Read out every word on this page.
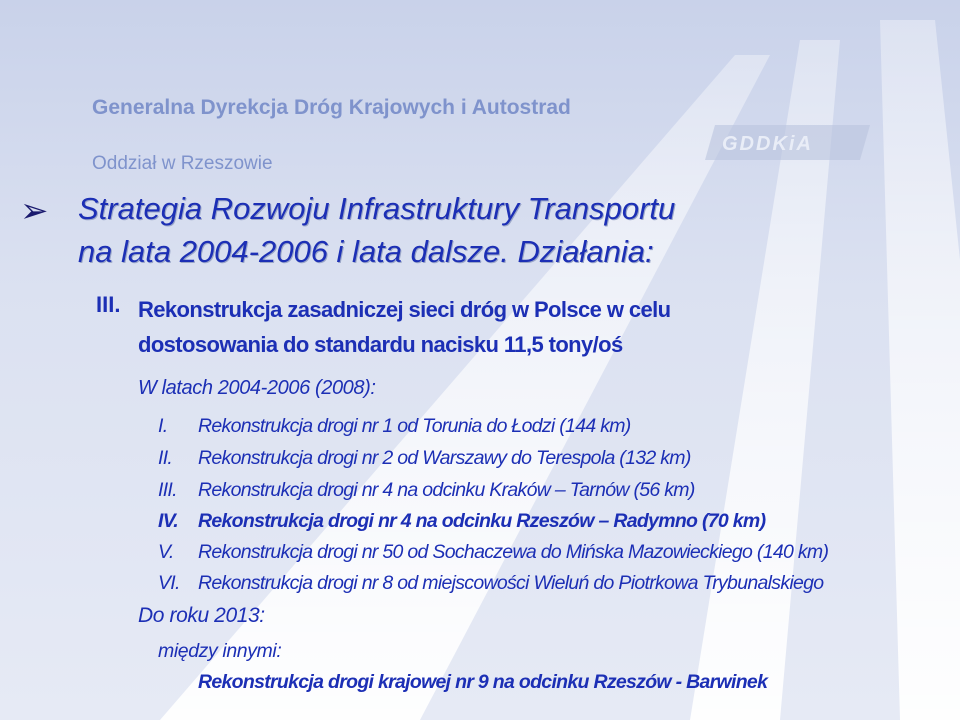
Generalna Dyrekcja Dróg Krajowych i Autostrad
Oddział w Rzeszowie
GDDKiA
➢ Strategia Rozwoju Infrastruktury Transportu
na lata 2004-2006 i lata dalsze. Działania:
III. Rekonstrukcja zasadniczej sieci dróg w Polsce w celu dostosowania do standardu nacisku 11,5 tony/oś
W latach 2004-2006 (2008):
I. Rekonstrukcja drogi nr 1 od Torunia do Łodzi (144 km)
II. Rekonstrukcja drogi nr 2 od Warszawy do Terespola (132 km)
III. Rekonstrukcja drogi nr 4 na odcinku Kraków – Tarnów (56 km)
IV. Rekonstrukcja drogi nr 4 na odcinku Rzeszów – Radymno (70 km)
V. Rekonstrukcja drogi nr 50 od Sochaczewa do Mińska Mazowieckiego (140 km)
VI. Rekonstrukcja drogi nr 8 od miejscowości Wieluń do Piotrkowa Trybunalskiego
Do roku 2013:
między innymi:
Rekonstrukcja drogi krajowej nr 9 na odcinku Rzeszów - Barwinek
